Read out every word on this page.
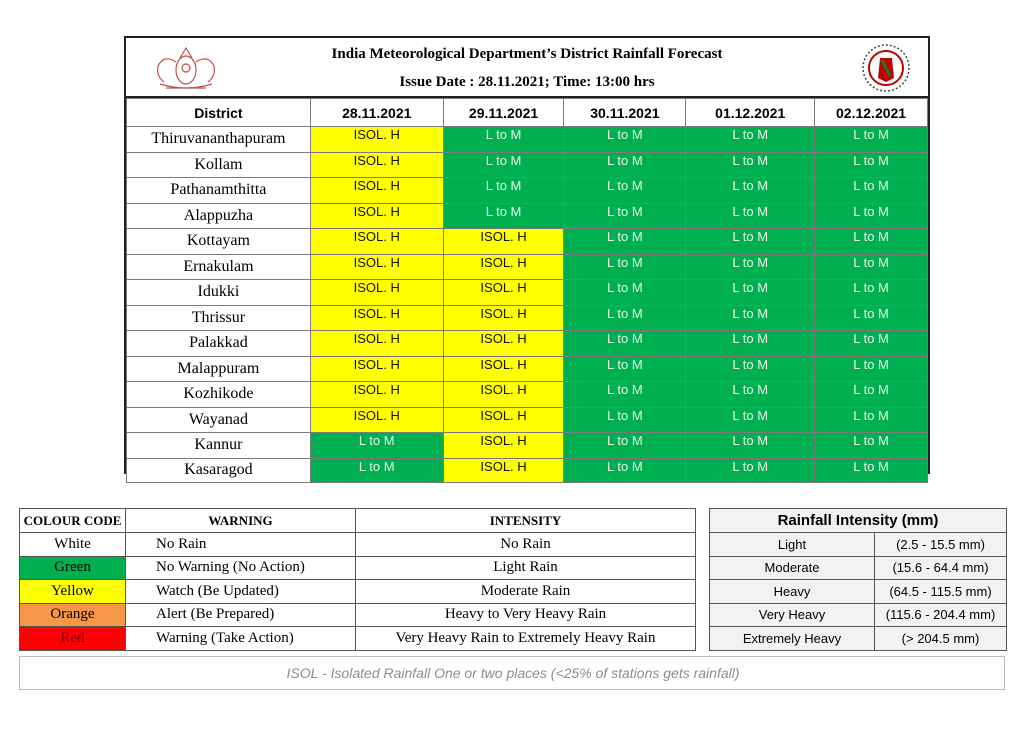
India Meteorological Department’s District Rainfall Forecast
Issue Date : 28.11.2021; Time: 13:00 hrs
District	28.11.2021	29.11.2021	30.11.2021	01.12.2021	02.12.2021
Thiruvananthapuram	ISOL. H	L to M	L to M	L to M	L to M
Kollam	ISOL. H	L to M	L to M	L to M	L to M
Pathanamthitta	ISOL. H	L to M	L to M	L to M	L to M
Alappuzha	ISOL. H	L to M	L to M	L to M	L to M
Kottayam	ISOL. H	ISOL. H	L to M	L to M	L to M
Ernakulam	ISOL. H	ISOL. H	L to M	L to M	L to M
Idukki	ISOL. H	ISOL. H	L to M	L to M	L to M
Thrissur	ISOL. H	ISOL. H	L to M	L to M	L to M
Palakkad	ISOL. H	ISOL. H	L to M	L to M	L to M
Malappuram	ISOL. H	ISOL. H	L to M	L to M	L to M
Kozhikode	ISOL. H	ISOL. H	L to M	L to M	L to M
Wayanad	ISOL. H	ISOL. H	L to M	L to M	L to M
Kannur	L to M	ISOL. H	L to M	L to M	L to M
Kasaragod	L to M	ISOL. H	L to M	L to M	L to M
COLOUR CODE	WARNING	INTENSITY
White	No Rain	No Rain
Green	No Warning (No Action)	Light Rain
Yellow	Watch (Be Updated)	Moderate Rain
Orange	Alert (Be Prepared)	Heavy to Very Heavy Rain
Red	Warning (Take Action)	Very Heavy Rain to Extremely Heavy Rain
Rainfall Intensity (mm)	
Light	(2.5 - 15.5 mm)
Moderate	(15.6 - 64.4 mm)
Heavy	(64.5 - 115.5 mm)
Very Heavy	(115.6 - 204.4 mm)
Extremely Heavy	(> 204.5 mm)
ISOL - Isolated Rainfall One or two places (<25% of stations gets rainfall)
